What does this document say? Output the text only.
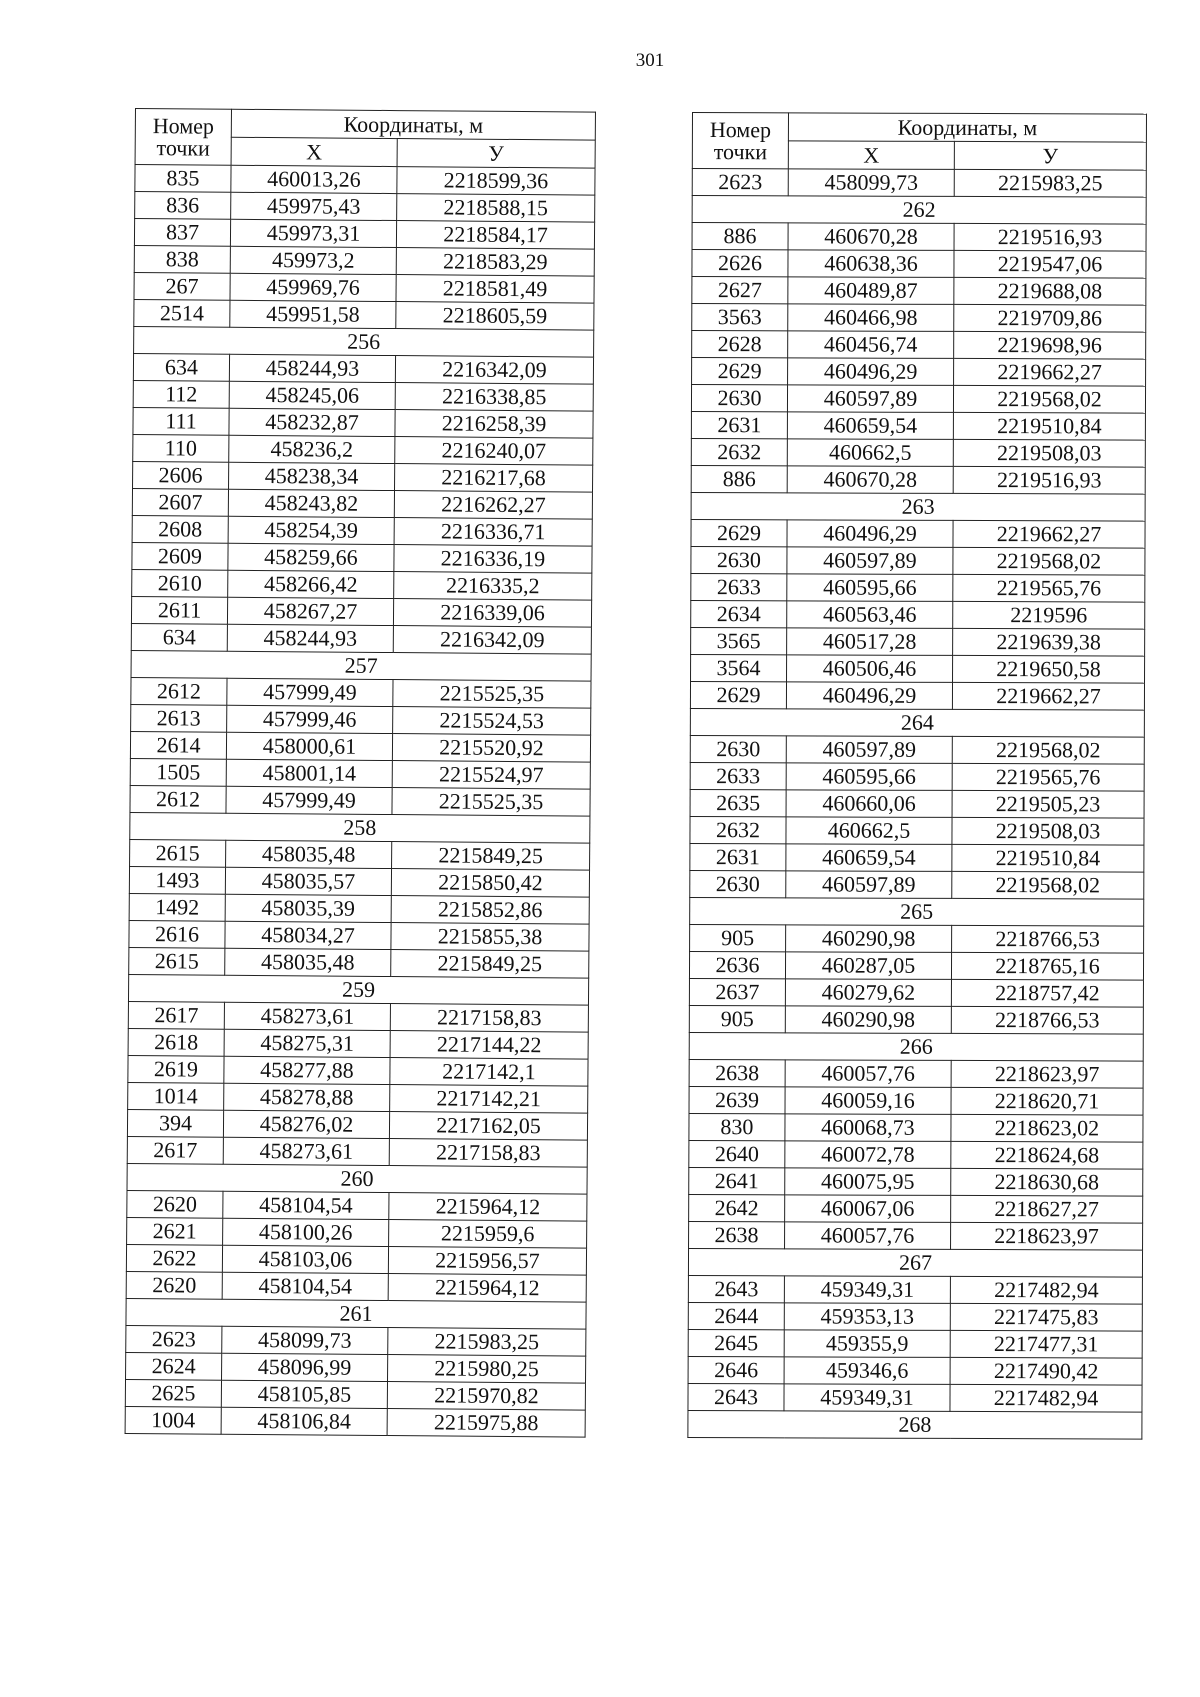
301
Номер
точки	Координаты, м	
	X	У
835	460013,26	2218599,36
836	459975,43	2218588,15
837	459973,31	2218584,17
838	459973,2	2218583,29
267	459969,76	2218581,49
2514	459951,58	2218605,59
256		
634	458244,93	2216342,09
112	458245,06	2216338,85
111	458232,87	2216258,39
110	458236,2	2216240,07
2606	458238,34	2216217,68
2607	458243,82	2216262,27
2608	458254,39	2216336,71
2609	458259,66	2216336,19
2610	458266,42	2216335,2
2611	458267,27	2216339,06
634	458244,93	2216342,09
257		
2612	457999,49	2215525,35
2613	457999,46	2215524,53
2614	458000,61	2215520,92
1505	458001,14	2215524,97
2612	457999,49	2215525,35
258		
2615	458035,48	2215849,25
1493	458035,57	2215850,42
1492	458035,39	2215852,86
2616	458034,27	2215855,38
2615	458035,48	2215849,25
259		
2617	458273,61	2217158,83
2618	458275,31	2217144,22
2619	458277,88	2217142,1
1014	458278,88	2217142,21
394	458276,02	2217162,05
2617	458273,61	2217158,83
260		
2620	458104,54	2215964,12
2621	458100,26	2215959,6
2622	458103,06	2215956,57
2620	458104,54	2215964,12
261		
2623	458099,73	2215983,25
2624	458096,99	2215980,25
2625	458105,85	2215970,82
1004	458106,84	2215975,88
Номер
точки	Координаты, м	
	X	У
2623	458099,73	2215983,25
262		
886	460670,28	2219516,93
2626	460638,36	2219547,06
2627	460489,87	2219688,08
3563	460466,98	2219709,86
2628	460456,74	2219698,96
2629	460496,29	2219662,27
2630	460597,89	2219568,02
2631	460659,54	2219510,84
2632	460662,5	2219508,03
886	460670,28	2219516,93
263		
2629	460496,29	2219662,27
2630	460597,89	2219568,02
2633	460595,66	2219565,76
2634	460563,46	2219596
3565	460517,28	2219639,38
3564	460506,46	2219650,58
2629	460496,29	2219662,27
264		
2630	460597,89	2219568,02
2633	460595,66	2219565,76
2635	460660,06	2219505,23
2632	460662,5	2219508,03
2631	460659,54	2219510,84
2630	460597,89	2219568,02
265		
905	460290,98	2218766,53
2636	460287,05	2218765,16
2637	460279,62	2218757,42
905	460290,98	2218766,53
266		
2638	460057,76	2218623,97
2639	460059,16	2218620,71
830	460068,73	2218623,02
2640	460072,78	2218624,68
2641	460075,95	2218630,68
2642	460067,06	2218627,27
2638	460057,76	2218623,97
267		
2643	459349,31	2217482,94
2644	459353,13	2217475,83
2645	459355,9	2217477,31
2646	459346,6	2217490,42
2643	459349,31	2217482,94
268		
